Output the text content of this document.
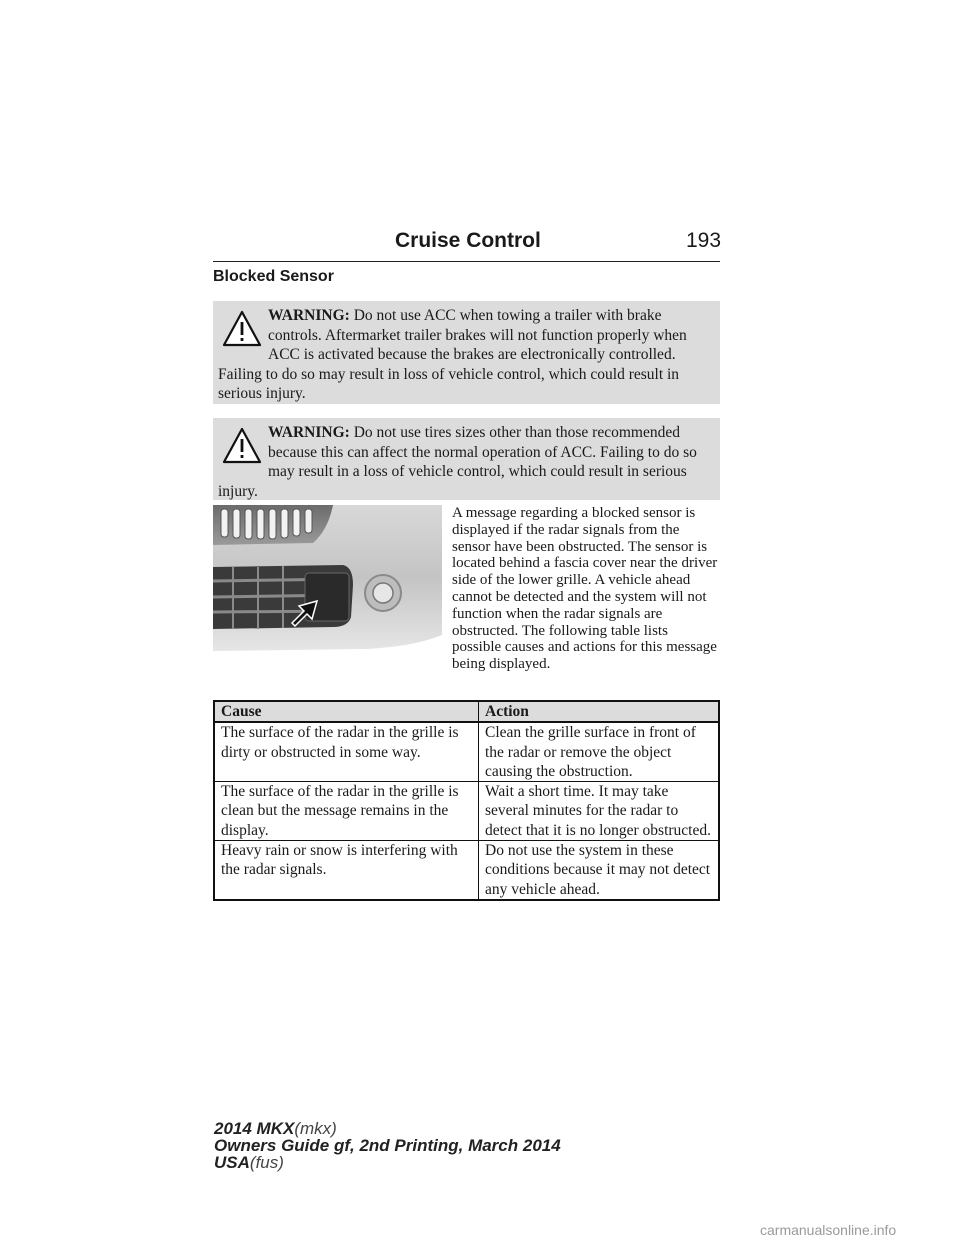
Cruise Control	193
Blocked Sensor
WARNING: Do not use ACC when towing a trailer with brake controls. Aftermarket trailer brakes will not function properly when ACC is activated because the brakes are electronically controlled. Failing to do so may result in loss of vehicle control, which could result in serious injury.
WARNING: Do not use tires sizes other than those recommended because this can affect the normal operation of ACC. Failing to do so may result in a loss of vehicle control, which could result in serious injury.
A message regarding a blocked sensor is displayed if the radar signals from the sensor have been obstructed. The sensor is located behind a fascia cover near the driver side of the lower grille. A vehicle ahead cannot be detected and the system will not function when the radar signals are obstructed. The following table lists possible causes and actions for this message being displayed.
Cause	Action
The surface of the radar in the grille is dirty or obstructed in some way.	Clean the grille surface in front of the radar or remove the object causing the obstruction.
The surface of the radar in the grille is clean but the message remains in the display.	Wait a short time. It may take several minutes for the radar to detect that it is no longer obstructed.
Heavy rain or snow is interfering with the radar signals.	Do not use the system in these conditions because it may not detect any vehicle ahead.
2014 MKX(mkx)
Owners Guide gf, 2nd Printing, March 2014
USA(fus)
carmanualsonline.info
